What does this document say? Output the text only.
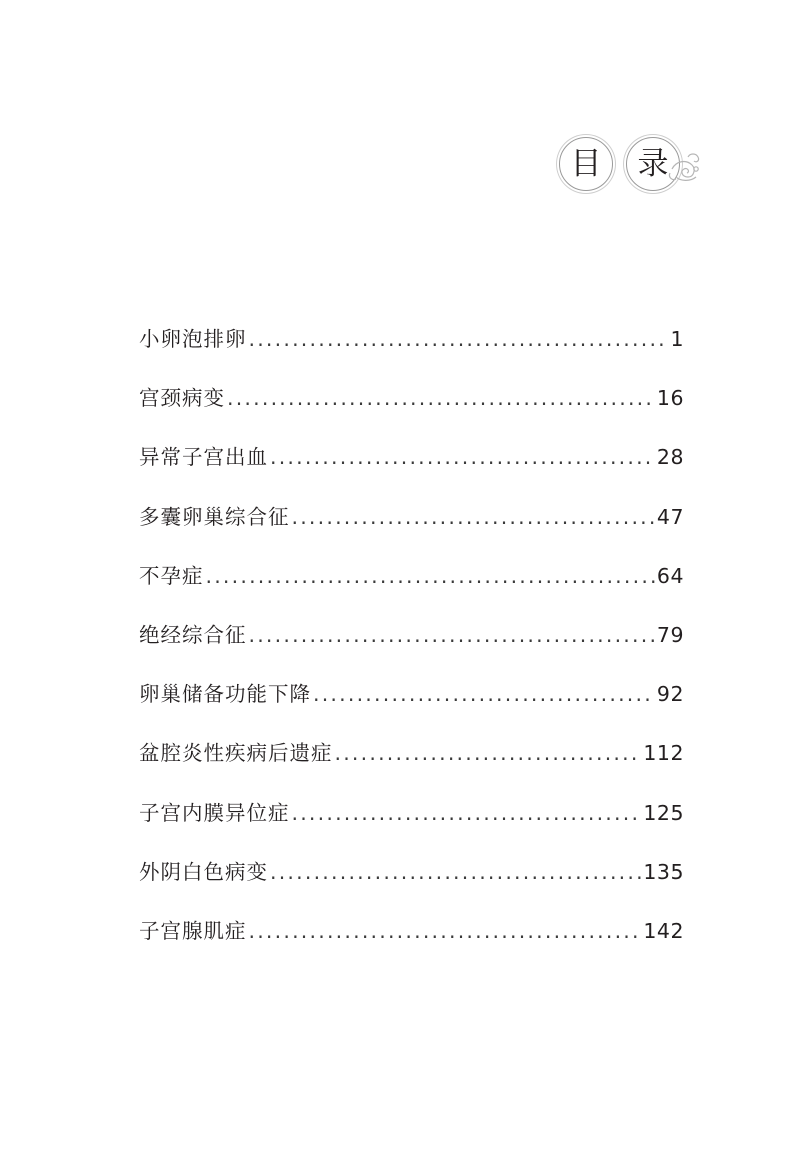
目	录
小卵泡排卵 .....	1
宫颈病变 .....	16
异常子宫出血 .....	28
多囊卵巢综合征 .....	47
不孕症 .....	64
绝经综合征 .....	79
卵巢储备功能下降 .....	92
盆腔炎性疾病后遗症 .....	112
子宫内膜异位症 .....	125
外阴白色病变 .....	135
子宫腺肌症 .....	142
